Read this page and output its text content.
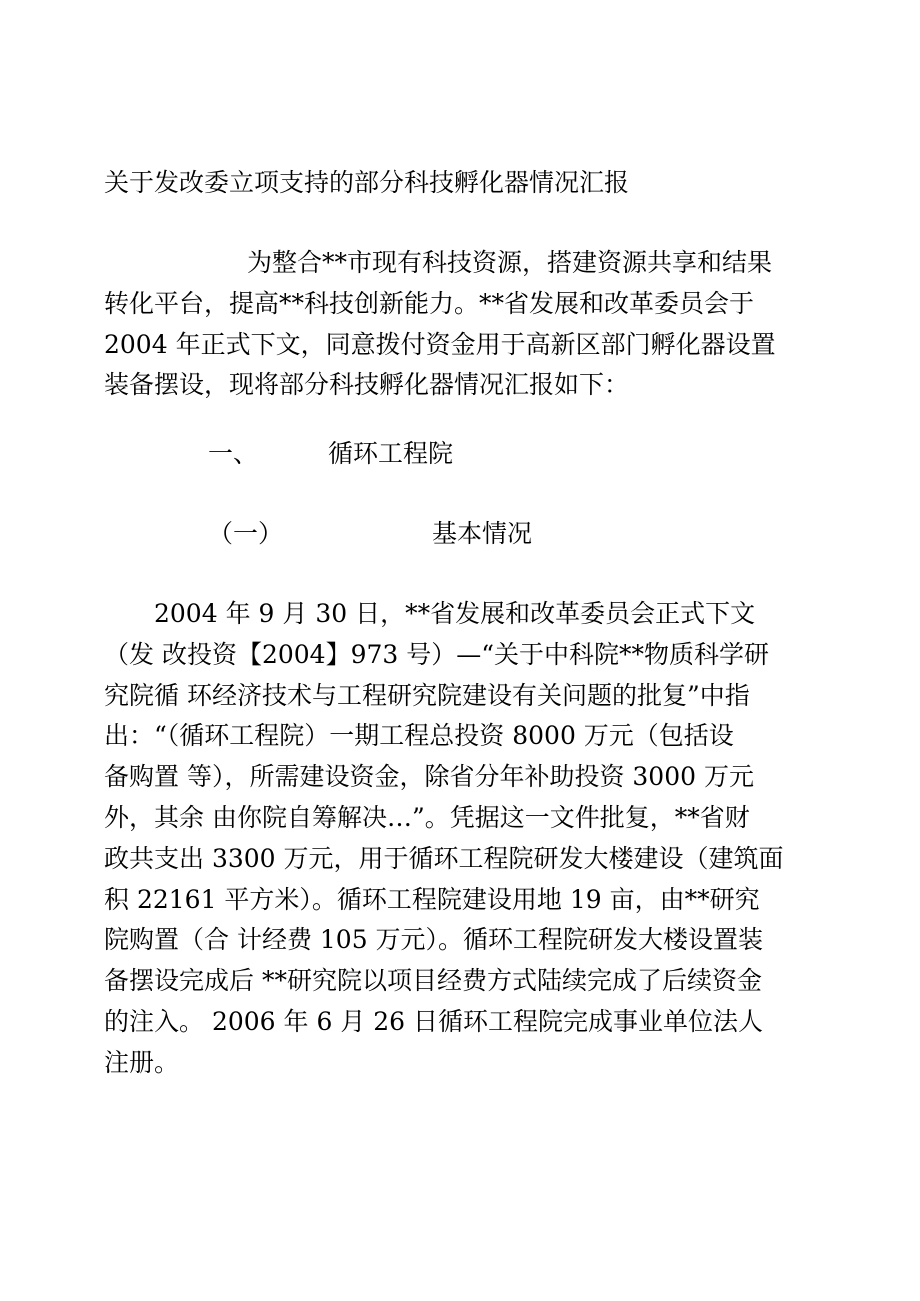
关于发改委立项支持的部分科技孵化器情况汇报
为整合**市现有科技资源，搭建资源共享和结果
转化平台，提高**科技创新能力。**省发展和改革委员会于
2004 年正式下文，同意拨付资金用于高新区部门孵化器设置
装备摆设，现将部分科技孵化器情况汇报如下：
一、	循环工程院
（一）	基本情况
2004 年 9 月 30 日，**省发展和改革委员会正式下文
（发 改投资【2004】973 号）—“关于中科院**物质科学研
究院循 环经济技术与工程研究院建设有关问题的批复”中指
出：“（循环工程院）一期工程总投资 8000 万元（包括设
备购置 等），所需建设资金，除省分年补助投资 3000 万元
外，其余 由你院自筹解决…”。凭据这一文件批复，**省财
政共支出 3300 万元，用于循环工程院研发大楼建设（建筑面
积 22161 平方米）。循环工程院建设用地 19 亩，由**研究
院购置（合 计经费 105 万元）。循环工程院研发大楼设置装
备摆设完成后 **研究院以项目经费方式陆续完成了后续资金
的注入。 2006 年 6 月 26 日循环工程院完成事业单位法人
注册。
